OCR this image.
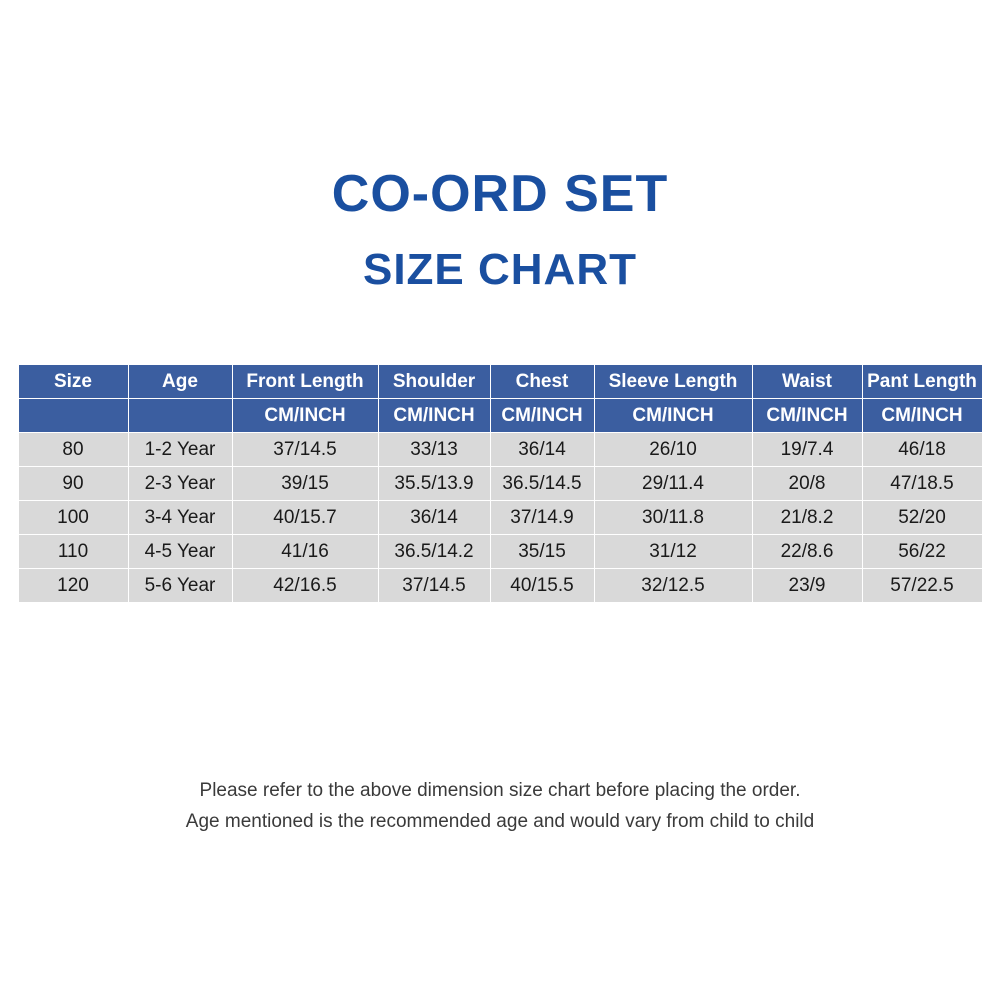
CO-ORD SET
SIZE CHART
Size	Age	Front Length	Shoulder	Chest	Sleeve Length	Waist	Pant Length
		CM/INCH	CM/INCH	CM/INCH	CM/INCH	CM/INCH	CM/INCH
80	1-2 Year	37/14.5	33/13	36/14	26/10	19/7.4	46/18
90	2-3 Year	39/15	35.5/13.9	36.5/14.5	29/11.4	20/8	47/18.5
100	3-4 Year	40/15.7	36/14	37/14.9	30/11.8	21/8.2	52/20
110	4-5 Year	41/16	36.5/14.2	35/15	31/12	22/8.6	56/22
120	5-6 Year	42/16.5	37/14.5	40/15.5	32/12.5	23/9	57/22.5
Please refer to the above dimension size chart before placing the order.
Age mentioned is the recommended age and would vary from child to child
